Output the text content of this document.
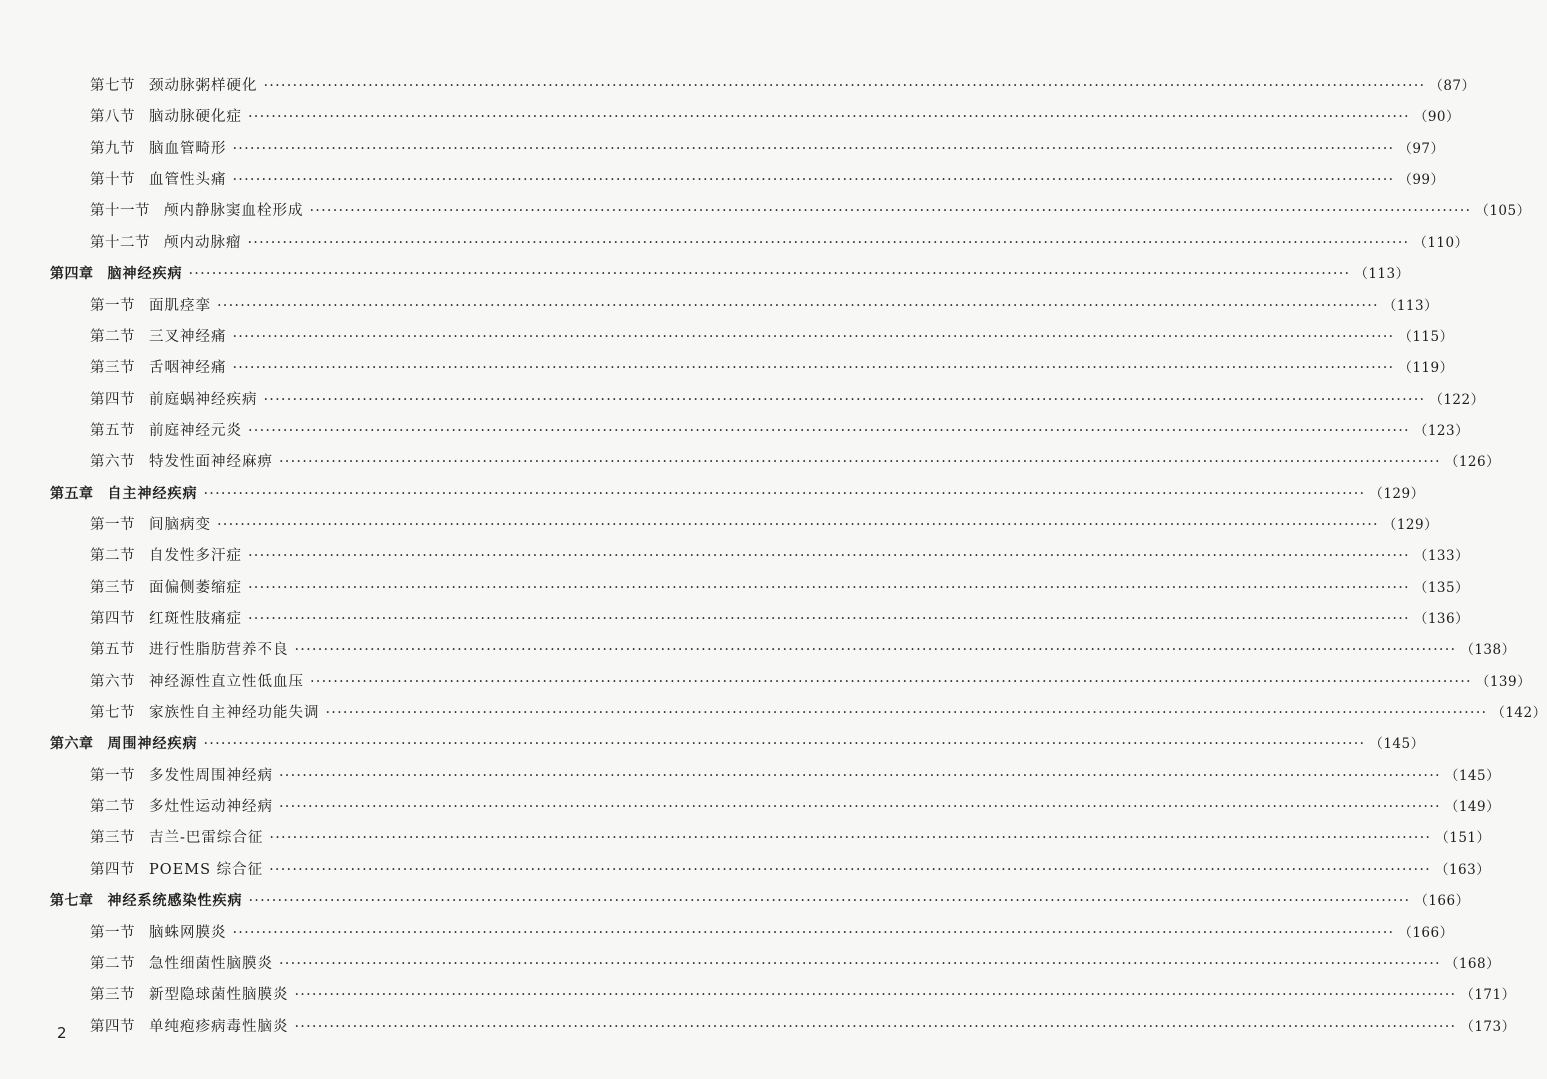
第七节 颈动脉粥样硬化 ········································································································································································································ （87）
第八节 脑动脉硬化症 ········································································································································································································ （90）
第九节 脑血管畸形 ········································································································································································································ （97）
第十节 血管性头痛 ········································································································································································································ （99）
第十一节 颅内静脉窦血栓形成 ········································································································································································································ （105）
第十二节 颅内动脉瘤 ········································································································································································································ （110）
第四章 脑神经疾病 ········································································································································································································ （113）
第一节 面肌痉挛 ········································································································································································································ （113）
第二节 三叉神经痛 ········································································································································································································ （115）
第三节 舌咽神经痛 ········································································································································································································ （119）
第四节 前庭蜗神经疾病 ········································································································································································································ （122）
第五节 前庭神经元炎 ········································································································································································································ （123）
第六节 特发性面神经麻痹 ········································································································································································································ （126）
第五章 自主神经疾病 ········································································································································································································ （129）
第一节 间脑病变 ········································································································································································································ （129）
第二节 自发性多汗症 ········································································································································································································ （133）
第三节 面偏侧萎缩症 ········································································································································································································ （135）
第四节 红斑性肢痛症 ········································································································································································································ （136）
第五节 进行性脂肪营养不良 ········································································································································································································ （138）
第六节 神经源性直立性低血压 ········································································································································································································ （139）
第七节 家族性自主神经功能失调 ········································································································································································································ （142）
第六章 周围神经疾病 ········································································································································································································ （145）
第一节 多发性周围神经病 ········································································································································································································ （145）
第二节 多灶性运动神经病 ········································································································································································································ （149）
第三节 吉兰-巴雷综合征 ········································································································································································································ （151）
第四节 POEMS 综合征 ········································································································································································································ （163）
第七章 神经系统感染性疾病 ········································································································································································································ （166）
第一节 脑蛛网膜炎 ········································································································································································································ （166）
第二节 急性细菌性脑膜炎 ········································································································································································································ （168）
第三节 新型隐球菌性脑膜炎 ········································································································································································································ （171）
第四节 单纯疱疹病毒性脑炎 ········································································································································································································ （173）
2
